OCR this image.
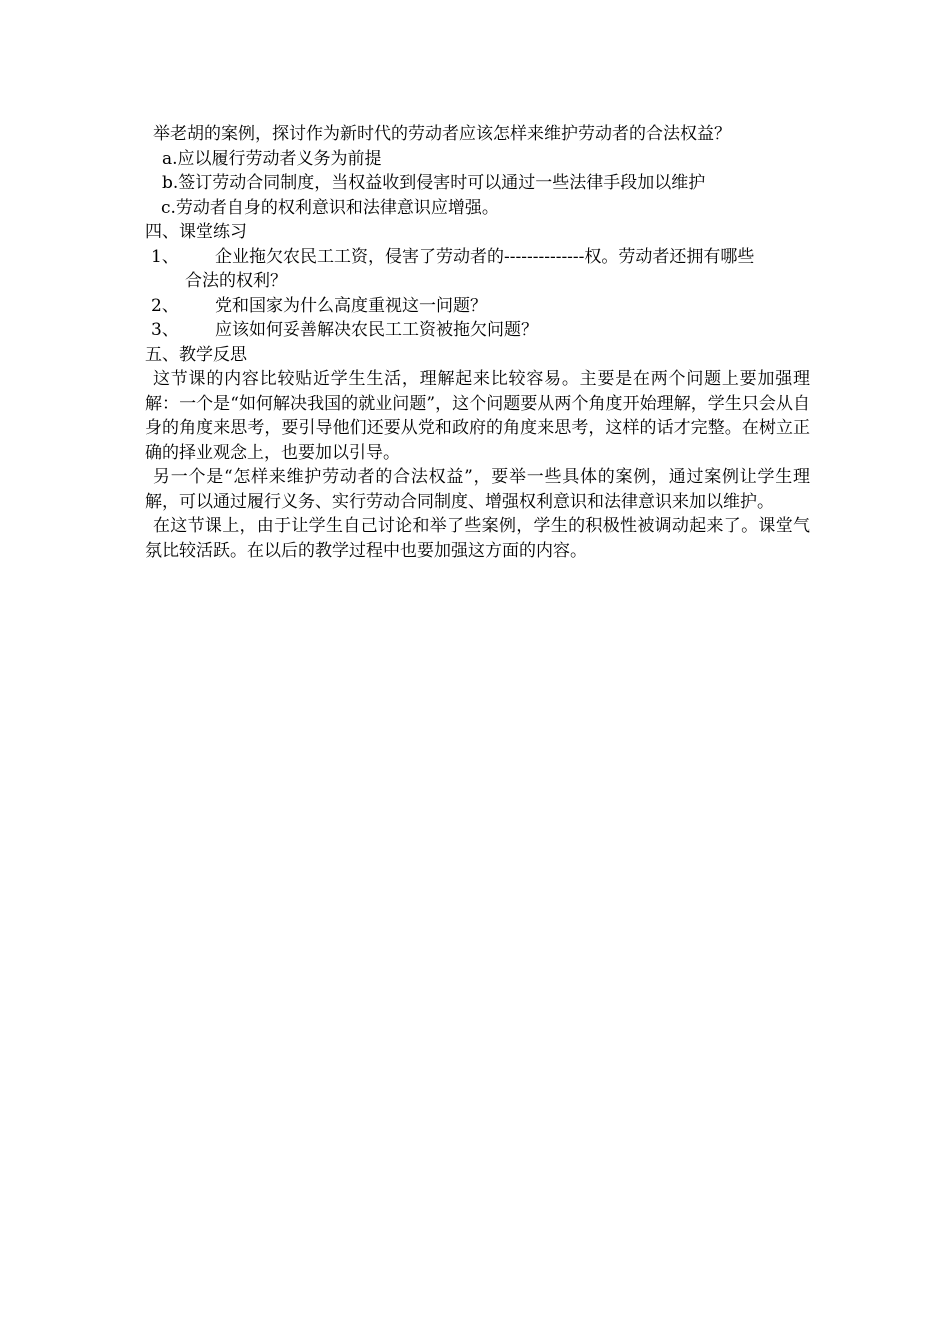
举老胡的案例，探讨作为新时代的劳动者应该怎样来维护劳动者的合法权益？

a.应以履行劳动者义务为前提

b.签订劳动合同制度，当权益收到侵害时可以通过一些法律手段加以维护

c.劳动者自身的权利意识和法律意识应增强。

四、课堂练习

1、 企业拖欠农民工工资，侵害了劳动者的--------------权。劳动者还拥有哪些

合法的权利？

2、 党和国家为什么高度重视这一问题？

3、 应该如何妥善解决农民工工资被拖欠问题？

五、教学反思

这节课的内容比较贴近学生生活，理解起来比较容易。主要是在两个问题上要加强理解：一个是“如何解决我国的就业问题”，这个问题要从两个角度开始理解，学生只会从自身的角度来思考，要引导他们还要从党和政府的角度来思考，这样的话才完整。在树立正确的择业观念上，也要加以引导。

另一个是“怎样来维护劳动者的合法权益”，要举一些具体的案例，通过案例让学生理解，可以通过履行义务、实行劳动合同制度、增强权利意识和法律意识来加以维护。

在这节课上，由于让学生自己讨论和举了些案例，学生的积极性被调动起来了。课堂气氛比较活跃。在以后的教学过程中也要加强这方面的内容。
